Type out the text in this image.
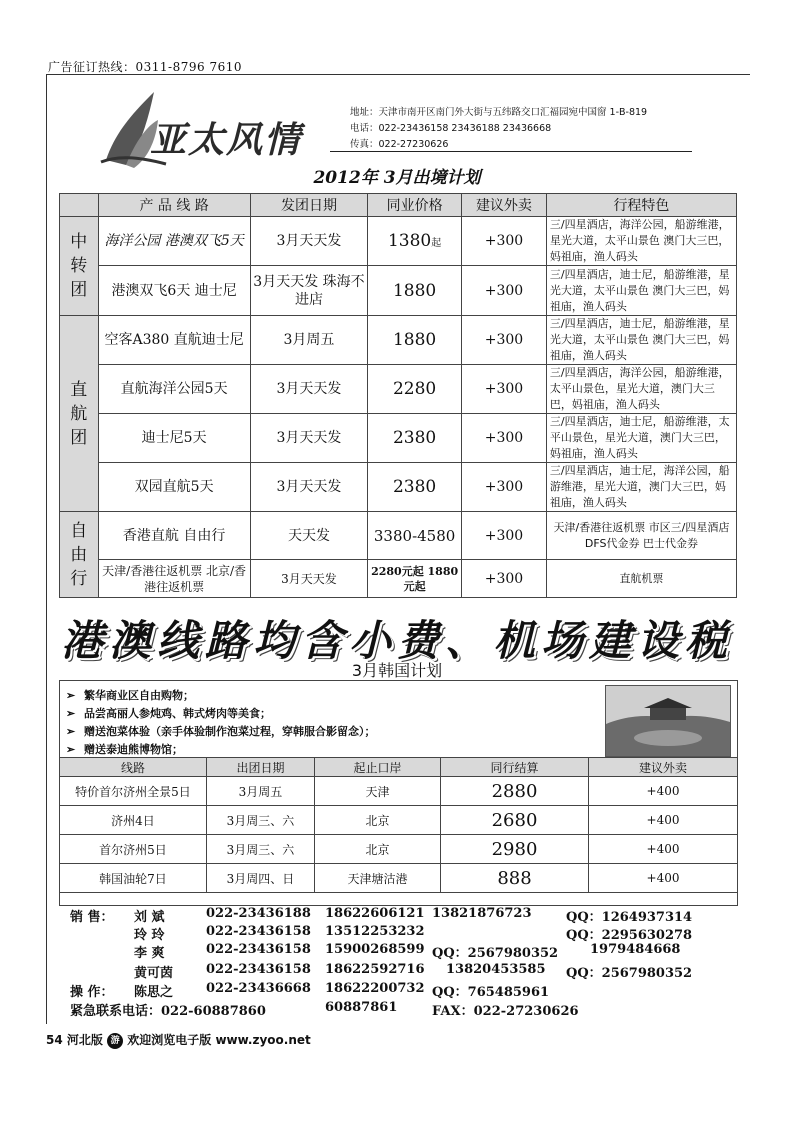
广告征订热线：0311-8796 7610
亚太风情
地址：天津市南开区南门外大街与五纬路交口汇福园宛中国窗 1-B-819
电话：022-23436158 23436188 23436668
传真：022-27230626
2012年 3月出境计划
	产 品 线 路	发团日期	同业价格	建议外卖	行程特色

中转团	海洋公园 港澳双飞5天	3月天天发	1380起	+300	三/四星酒店，海洋公园，船游维港，星光大道，太平山景色 澳门大三巴，妈祖庙，渔人码头
	港澳双飞6天 迪士尼	3月天天发 珠海不进店	1880	+300	三/四星酒店，迪士尼，船游维港，星光大道，太平山景色 澳门大三巴，妈祖庙，渔人码头

直航团	空客A380 直航迪士尼	3月周五	1880	+300	三/四星酒店，迪士尼，船游维港，星光大道，太平山景色 澳门大三巴，妈祖庙，渔人码头
	直航海洋公园5天	3月天天发	2280	+300	三/四星酒店，海洋公园，船游维港，太平山景色，星光大道，澳门大三巴，妈祖庙，渔人码头
	迪士尼5天	3月天天发	2380	+300	三/四星酒店，迪士尼，船游维港，太平山景色，星光大道，澳门大三巴，妈祖庙，渔人码头
	双园直航5天	3月天天发	2380	+300	三/四星酒店，迪士尼，海洋公园，船游维港，星光大道，澳门大三巴，妈祖庙，渔人码头

自由行	香港直航 自由行	天天发	3380-4580	+300	天津/香港往返机票 市区三/四星酒店 DFS代金券 巴士代金券
	天津/香港往返机票 北京/香港往返机票	3月天天发	2280元起 1880元起	+300	直航机票
港澳线路均含小费、机场建设税
3月韩国计划
➢ 繁华商业区自由购物；
➢ 品尝高丽人参炖鸡、韩式烤肉等美食；
➢ 赠送泡菜体验（亲手体验制作泡菜过程，穿韩服合影留念）；
➢ 赠送泰迪熊博物馆；
线路	出团日期	起止口岸	同行结算	建议外卖
特价首尔济州全景5日	3月周五	天津	2880	+400
济州4日	3月周三、六	北京	2680	+400
首尔济州5日	3月周三、六	北京	2980	+400
韩国油轮7日	3月周四、日	天津塘沽港	888	+400
销 售： 刘 斌	022-23436188 18622606121 13821876723	QQ：1264937314
玲 玲	022-23436158 13512253232	QQ：2295630278
李 爽	022-23436158 15900268599 QQ：2567980352 1979484668
黄可茵	022-23436158 18622592716 13820453585 QQ：2567980352
操 作： 陈思之	022-23436668 18622200732 QQ：765485961
紧急联系电话：022-60887860	60887861	FAX：022-27230626
54 河北版 游 欢迎浏览电子版 www.zyoo.net
